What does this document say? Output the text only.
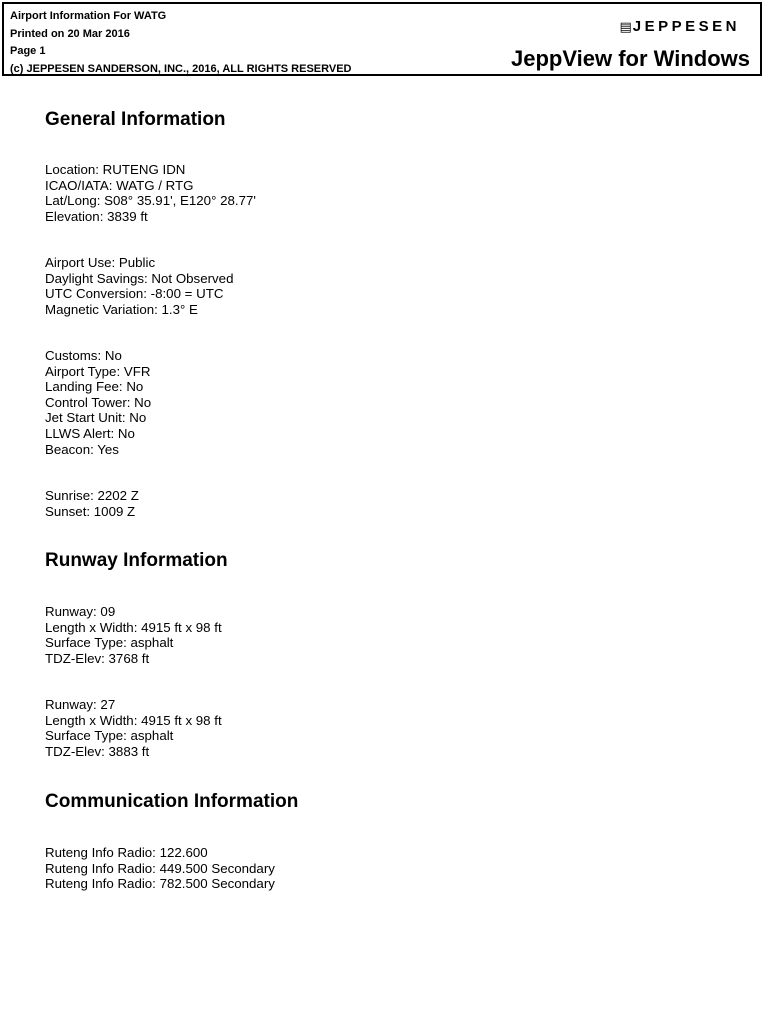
Airport Information For WATG
Printed on 20 Mar 2016
Page 1
(c) JEPPESEN SANDERSON, INC., 2016, ALL RIGHTS RESERVED
▤JEPPESEN
JeppView for Windows
General Information
Location: RUTENG IDN
ICAO/IATA: WATG / RTG
Lat/Long: S08° 35.91', E120° 28.77'
Elevation: 3839 ft
Airport Use: Public
Daylight Savings: Not Observed
UTC Conversion: -8:00 = UTC
Magnetic Variation: 1.3° E
Customs: No
Airport Type: VFR
Landing Fee: No
Control Tower: No
Jet Start Unit: No
LLWS Alert: No
Beacon: Yes
Sunrise: 2202 Z
Sunset: 1009 Z
Runway Information
Runway: 09
Length x Width: 4915 ft x 98 ft
Surface Type: asphalt
TDZ-Elev: 3768 ft
Runway: 27
Length x Width: 4915 ft x 98 ft
Surface Type: asphalt
TDZ-Elev: 3883 ft
Communication Information
Ruteng Info Radio: 122.600
Ruteng Info Radio: 449.500 Secondary
Ruteng Info Radio: 782.500 Secondary
